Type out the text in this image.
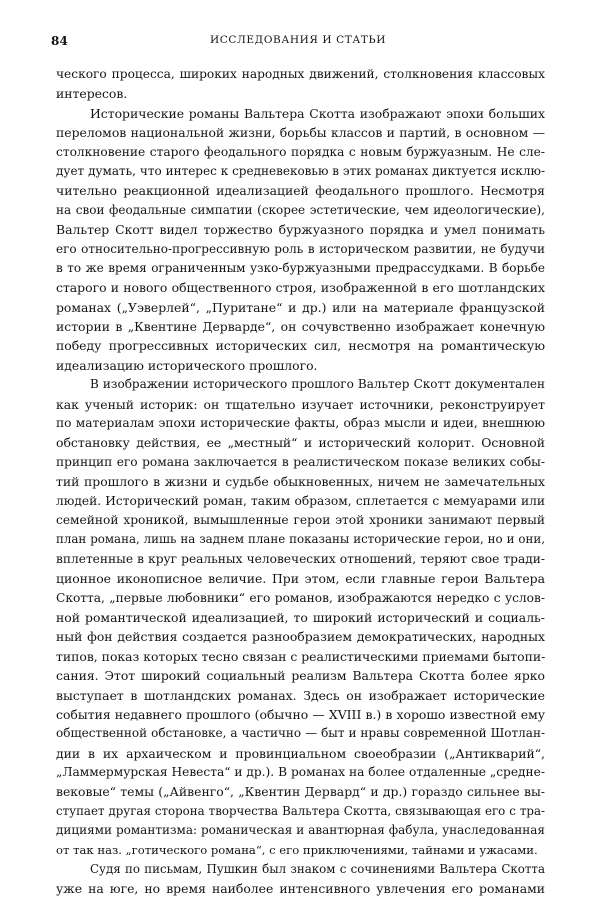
84	ИССЛЕДОВАНИЯ И СТАТЬИ
ческого процесса, широких народных движений, столкновения классовых
интересов.
Исторические романы Вальтера Скотта изображают эпохи больших
переломов национальной жизни, борьбы классов и партий, в основном —
столкновение старого феодального порядка с новым буржуазным. Не сле-
дует думать, что интерес к средневековью в этих романах диктуется исклю-
чительно реакционной идеализацией феодального прошлого. Несмотря
на свои феодальные симпатии (скорее эстетические, чем идеологические),
Вальтер Скотт видел торжество буржуазного порядка и умел понимать
его относительно-прогрессивную роль в историческом развитии, не будучи
в то же время ограниченным узко-буржуазными предрассудками. В борьбе
старого и нового общественного строя, изображенной в его шотландских
романах („Уэверлей“, „Пуритане“ и др.) или на материале французской
истории в „Квентине Дерварде“, он сочувственно изображает конечную
победу прогрессивных исторических сил, несмотря на романтическую
идеализацию исторического прошлого.
В изображении исторического прошлого Вальтер Скотт документален
как ученый историк: он тщательно изучает источники, реконструирует
по материалам эпохи исторические факты, образ мысли и идеи, внешнюю
обстановку действия, ее „местный“ и исторический колорит. Основной
принцип его романа заключается в реалистическом показе великих собы-
тий прошлого в жизни и судьбе обыкновенных, ничем не замечательных
людей. Исторический роман, таким образом, сплетается с мемуарами или
семейной хроникой, вымышленные герои этой хроники занимают первый
план романа, лишь на заднем плане показаны исторические герои, но и они,
вплетенные в круг реальных человеческих отношений, теряют свое тради-
ционное иконописное величие. При этом, если главные герои Вальтера
Скотта, „первые любовники“ его романов, изображаются нередко с услов-
ной романтической идеализацией, то широкий исторический и социаль-
ный фон действия создается разнообразием демократических, народных
типов, показ которых тесно связан с реалистическими приемами бытопи-
сания. Этот широкий социальный реализм Вальтера Скотта более ярко
выступает в шотландских романах. Здесь он изображает исторические
события недавнего прошлого (обычно — XVIII в.) в хорошо известной ему
общественной обстановке, а частично — быт и нравы современной Шотлан-
дии в их архаическом и провинциальном своеобразии („Антикварий“,
„Ламмермурская Невеста“ и др.). В романах на более отдаленные „средне-
вековые“ темы („Айвенго“, „Квентин Дервард“ и др.) гораздо сильнее вы-
ступает другая сторона творчества Вальтера Скотта, связывающая его с тра-
дициями романтизма: романическая и авантюрная фабула, унаследованная
от так наз. „готического романа“, с его приключениями, тайнами и ужасами.
Судя по письмам, Пушкин был знаком с сочинениями Вальтера Скотта
уже на юге, но время наиболее интенсивного увлечения его романами
